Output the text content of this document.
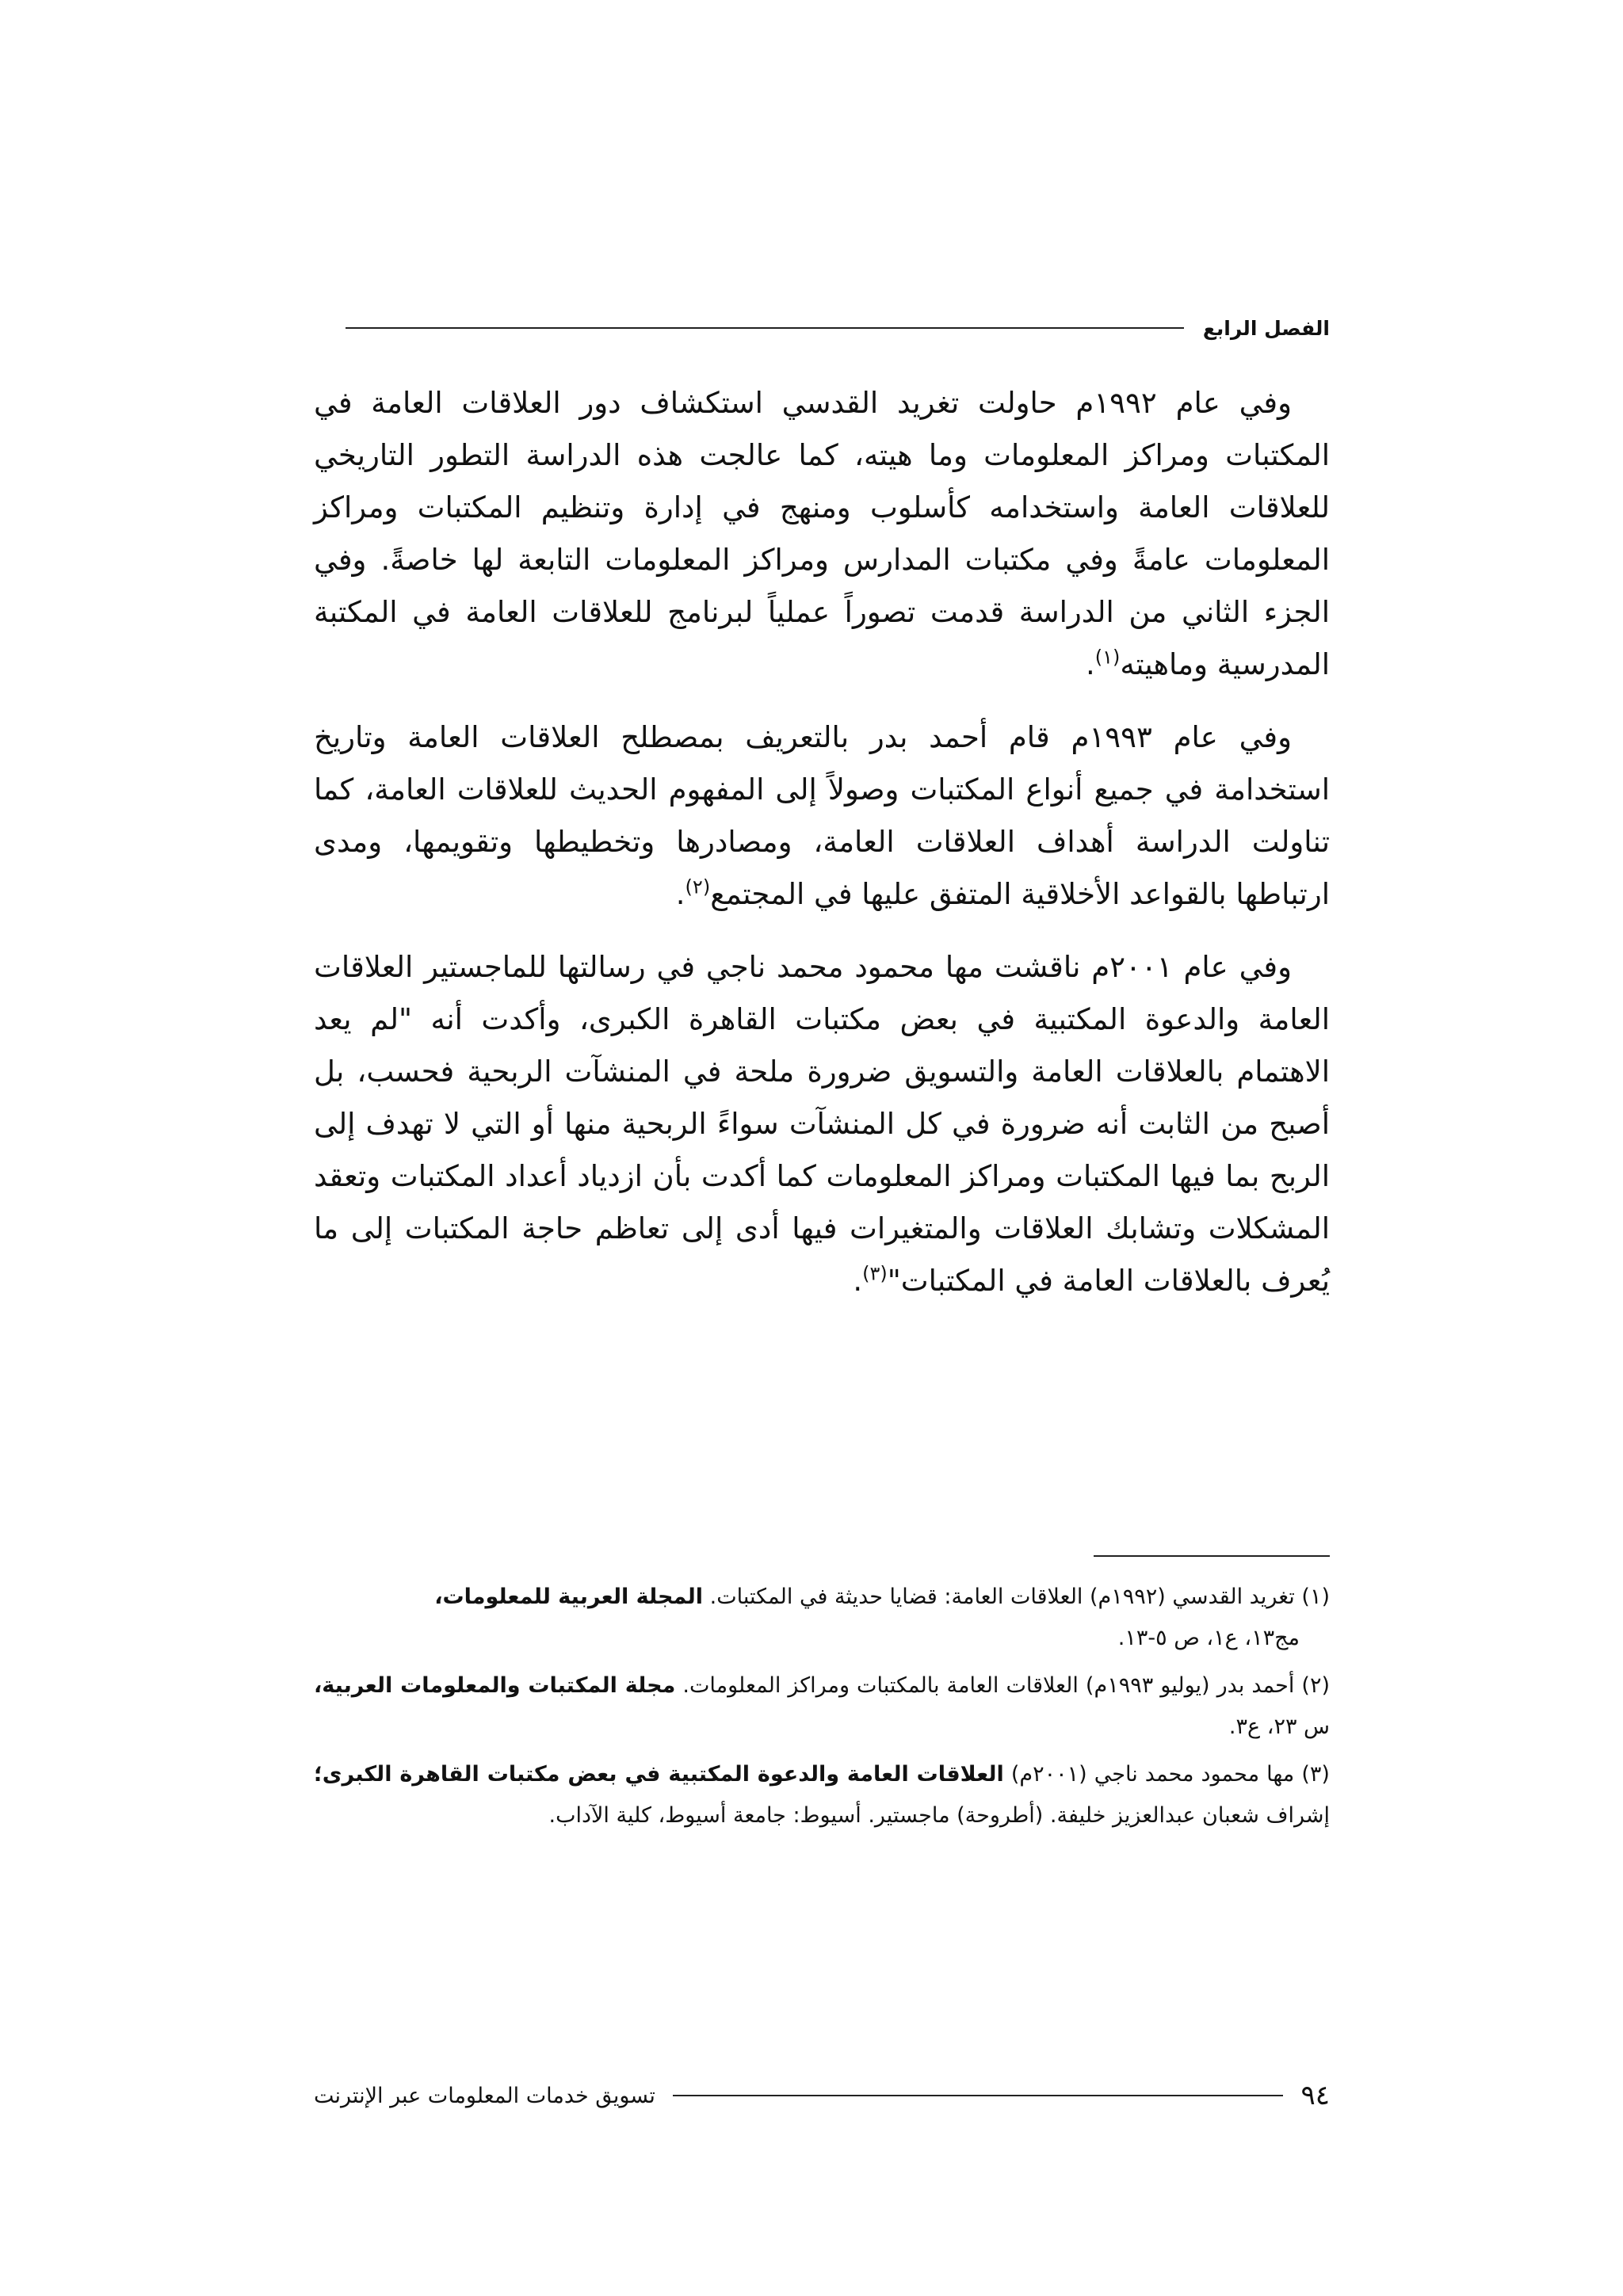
الفصل الرابع

وفي عام ١٩٩٢م حاولت تغريد القدسي استكشاف دور العلاقات العامة في المكتبات ومراكز المعلومات وما هيته، كما عالجت هذه الدراسة التطور التاريخي للعلاقات العامة واستخدامه كأسلوب ومنهج في إدارة وتنظيم المكتبات ومراكز المعلومات عامةً وفي مكتبات المدارس ومراكز المعلومات التابعة لها خاصةً. وفي الجزء الثاني من الدراسة قدمت تصوراً عملياً لبرنامج للعلاقات العامة في المكتبة المدرسية وماهيته$^{(١)}$.

وفي عام ١٩٩٣م قام أحمد بدر بالتعريف بمصطلح العلاقات العامة وتاريخ استخدامة في جميع أنواع المكتبات وصولاً إلى المفهوم الحديث للعلاقات العامة، كما تناولت الدراسة أهداف العلاقات العامة، ومصادرها وتخطيطها وتقويمها، ومدى ارتباطها بالقواعد الأخلاقية المتفق عليها في المجتمع$^{(٢)}$.

وفي عام ٢٠٠١م ناقشت مها محمود محمد ناجي في رسالتها للماجستير العلاقات العامة والدعوة المكتبية في بعض مكتبات القاهرة الكبرى، وأكدت أنه "لم يعد الاهتمام بالعلاقات العامة والتسويق ضرورة ملحة في المنشآت الربحية فحسب، بل أصبح من الثابت أنه ضرورة في كل المنشآت سواءً الربحية منها أو التي لا تهدف إلى الربح بما فيها المكتبات ومراكز المعلومات كما أكدت بأن ازدياد أعداد المكتبات وتعقد المشكلات وتشابك العلاقات والمتغيرات فيها أدى إلى تعاظم حاجة المكتبات إلى ما يُعرف بالعلاقات العامة في المكتبات"$^{(٣)}$.

(١) تغريد القدسي (١٩٩٢م) العلاقات العامة: قضايا حديثة في المكتبات. المجلة العربية للمعلومات،
مج١٣، ع١، ص ٥-١٣.
(٢) أحمد بدر (يوليو ١٩٩٣م) العلاقات العامة بالمكتبات ومراكز المعلومات. مجلة المكتبات والمعلومات العربية، س ٢٣، ع٣.
(٣) مها محمود محمد ناجي (٢٠٠١م) العلاقات العامة والدعوة المكتبية في بعض مكتبات القاهرة الكبرى؛ إشراف شعبان عبدالعزيز خليفة. (أطروحة) ماجستير. أسيوط: جامعة أسيوط، كلية الآداب.
٩٤
تسويق خدمات المعلومات عبر الإنترنت
